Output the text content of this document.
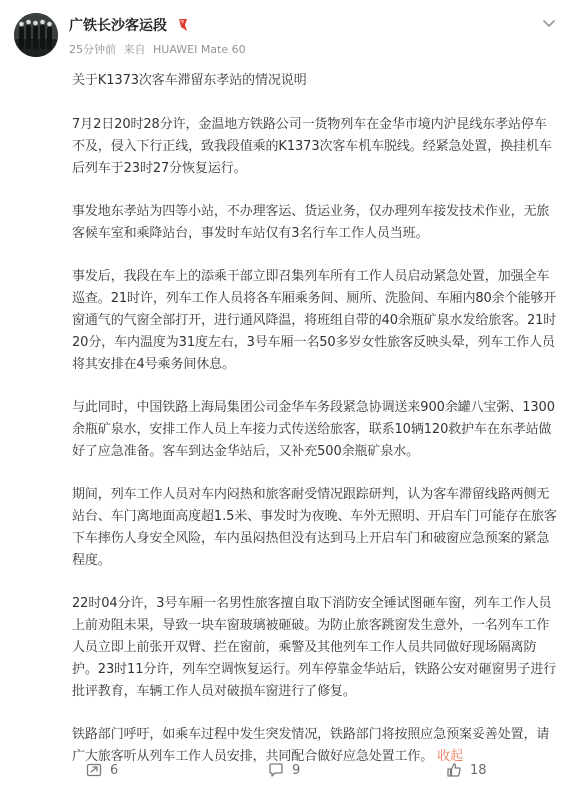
广铁长沙客运段
25分钟前 来自 HUAWEI Mate 60

关于K1373次客车滞留东孝站的情况说明

7月2日20时28分许，金温地方铁路公司一货物列车在金华市境内沪昆线东孝站停车不及，侵入下行正线，致我段值乘的K1373次客车机车脱线。经紧急处置，换挂机车后列车于23时27分恢复运行。

事发地东孝站为四等小站，不办理客运、货运业务，仅办理列车接发技术作业，无旅客候车室和乘降站台，事发时车站仅有3名行车工作人员当班。

事发后，我段在车上的添乘干部立即召集列车所有工作人员启动紧急处置，加强全车巡查。21时许，列车工作人员将各车厢乘务间、厕所、洗脸间、车厢内80余个能够开窗通气的气窗全部打开，进行通风降温，将班组自带的40余瓶矿泉水发给旅客。21时20分，车内温度为31度左右，3号车厢一名50多岁女性旅客反映头晕，列车工作人员将其安排在4号乘务间休息。

与此同时，中国铁路上海局集团公司金华车务段紧急协调送来900余罐八宝粥、1300余瓶矿泉水，安排工作人员上车接力式传送给旅客，联系10辆120救护车在东孝站做好了应急准备。客车到达金华站后，又补充500余瓶矿泉水。

期间，列车工作人员对车内闷热和旅客耐受情况跟踪研判，认为客车滞留线路两侧无站台、车门离地面高度超1.5米、事发时为夜晚、车外无照明、开启车门可能存在旅客下车摔伤人身安全风险，车内虽闷热但没有达到马上开启车门和破窗应急预案的紧急程度。

22时04分许，3号车厢一名男性旅客擅自取下消防安全锤试图砸车窗，列车工作人员上前劝阻未果，导致一块车窗玻璃被砸破。为防止旅客跳窗发生意外，一名列车工作人员立即上前张开双臂、拦在窗前，乘警及其他列车工作人员共同做好现场隔离防护。23时11分许，列车空调恢复运行。列车停靠金华站后，铁路公安对砸窗男子进行批评教育，车辆工作人员对破损车窗进行了修复。

铁路部门呼吁，如乘车过程中发生突发情况，铁路部门将按照应急预案妥善处置，请广大旅客听从列车工作人员安排，共同配合做好应急处置工作。 收起

6	9	18
